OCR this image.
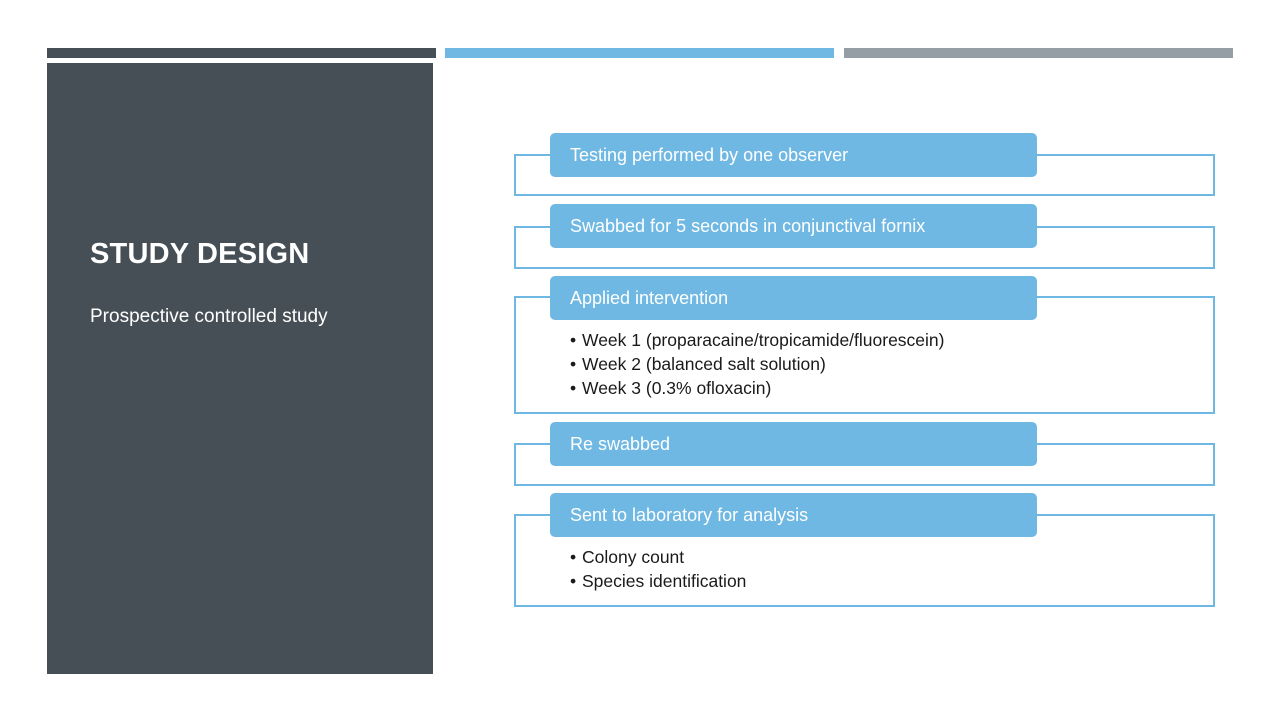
STUDY DESIGN

Prospective controlled study

Testing performed by one observer
Swabbed for 5 seconds in conjunctival fornix
Applied intervention
• Week 1 (proparacaine/tropicamide/fluorescein)
• Week 2 (balanced salt solution)
• Week 3 (0.3% ofloxacin)
Re swabbed
Sent to laboratory for analysis
• Colony count
• Species identification
